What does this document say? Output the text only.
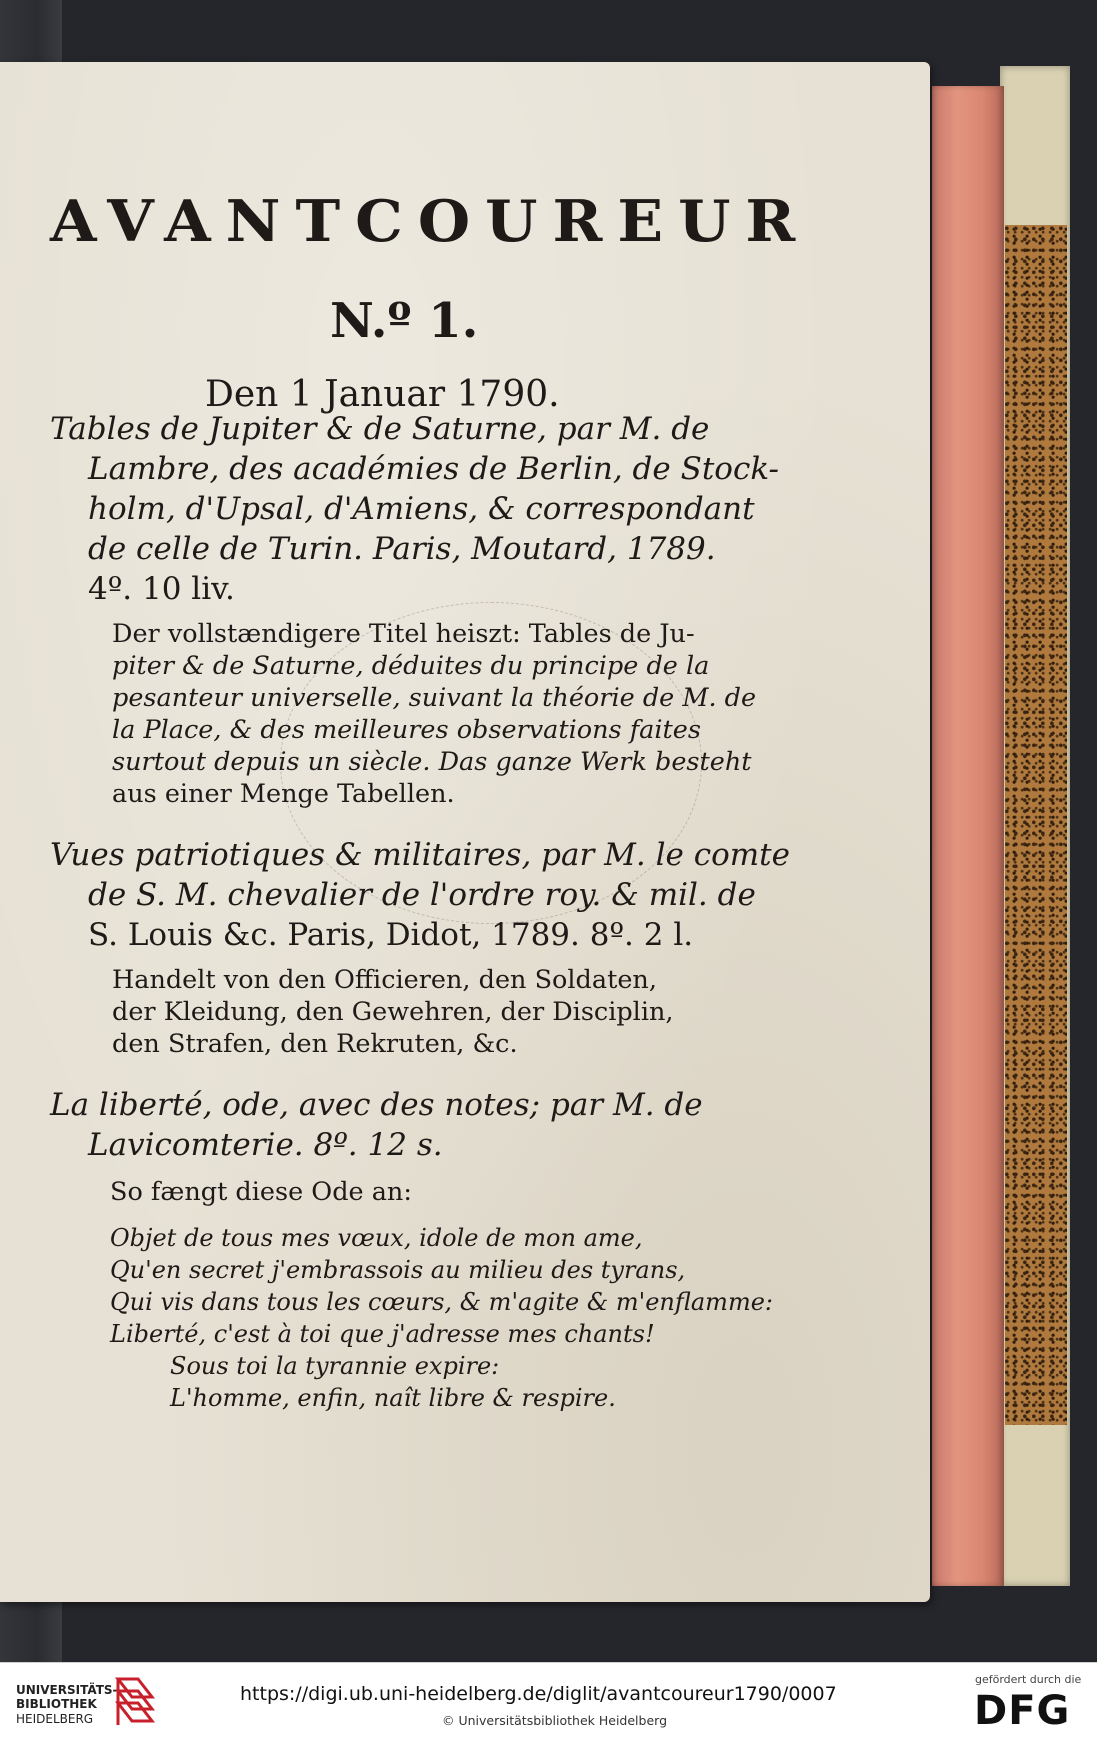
AVANTCOUREUR
N.º 1.
Den 1 Januar 1790.
Tables de Jupiter & de Saturne, par M. de
Lambre, des académies de Berlin, de Stock-
holm, d'Upsal, d'Amiens, & correspondant
de celle de Turin. Paris, Moutard, 1789.
4º. 10 liv.
Der vollstændigere Titel heiszt: Tables de Ju-
piter & de Saturne, déduites du principe de la
pesanteur universelle, suivant la théorie de M. de
la Place, & des meilleures observations faites
surtout depuis un siècle. Das ganze Werk besteht
aus einer Menge Tabellen.
Vues patriotiques & militaires, par M. le comte
de S. M. chevalier de l'ordre roy. & mil. de
S. Louis &c. Paris, Didot, 1789. 8º. 2 l.
Handelt von den Officieren, den Soldaten,
der Kleidung, den Gewehren, der Disciplin,
den Strafen, den Rekruten, &c.
La liberté, ode, avec des notes; par M. de
Lavicomterie. 8º. 12 s.
So fængt diese Ode an:
Objet de tous mes vœux, idole de mon ame,
Qu'en secret j'embrassois au milieu des tyrans,
Qui vis dans tous les cœurs, & m'agite & m'enflamme:
Liberté, c'est à toi que j'adresse mes chants!
Sous toi la tyrannie expire:
L'homme, enfin, naît libre & respire.
UNIVERSITÄTS-
BIBLIOTHEK
HEIDELBERG
https://digi.ub.uni-heidelberg.de/diglit/avantcoureur1790/0007
© Universitätsbibliothek Heidelberg
gefördert durch die
DFG
